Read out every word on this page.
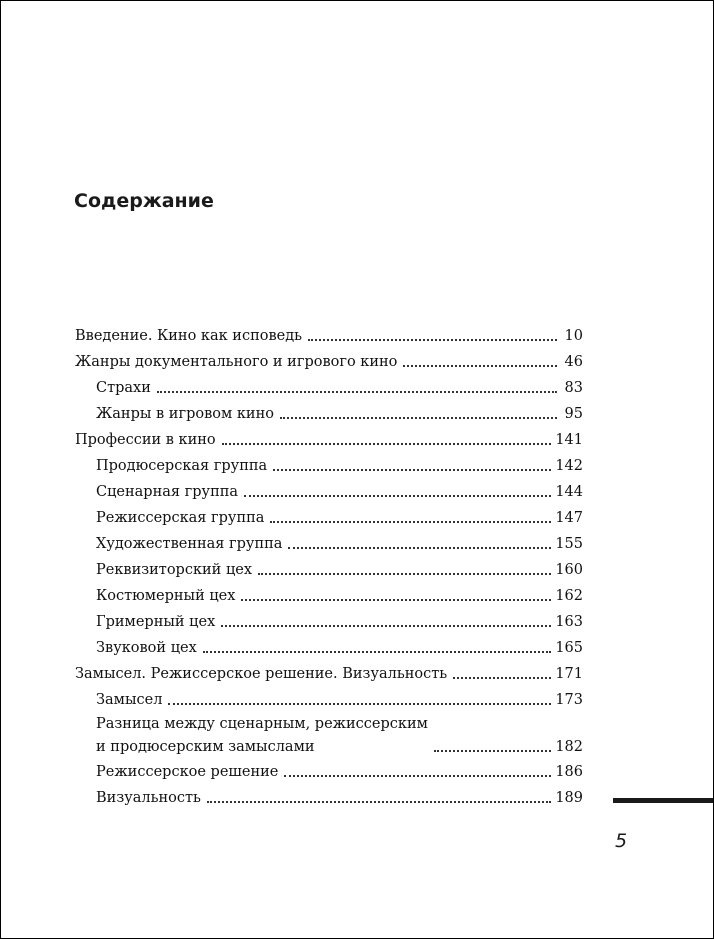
Содержание
Введение. Кино как исповедь	10
Жанры документального и игрового кино	46
Страхи	83
Жанры в игровом кино	95
Профессии в кино	141
Продюсерская группа	142
Сценарная группа	144
Режиссерская группа	147
Художественная группа	155
Реквизиторский цех	160
Костюмерный цех	162
Гримерный цех	163
Звуковой цех	165
Замысел. Режиссерское решение. Визуальность	171
Замысел	173
Разница между сценарным, режиссерским
и продюсерским замыслами	182
Режиссерское решение	186
Визуальность	189
5
